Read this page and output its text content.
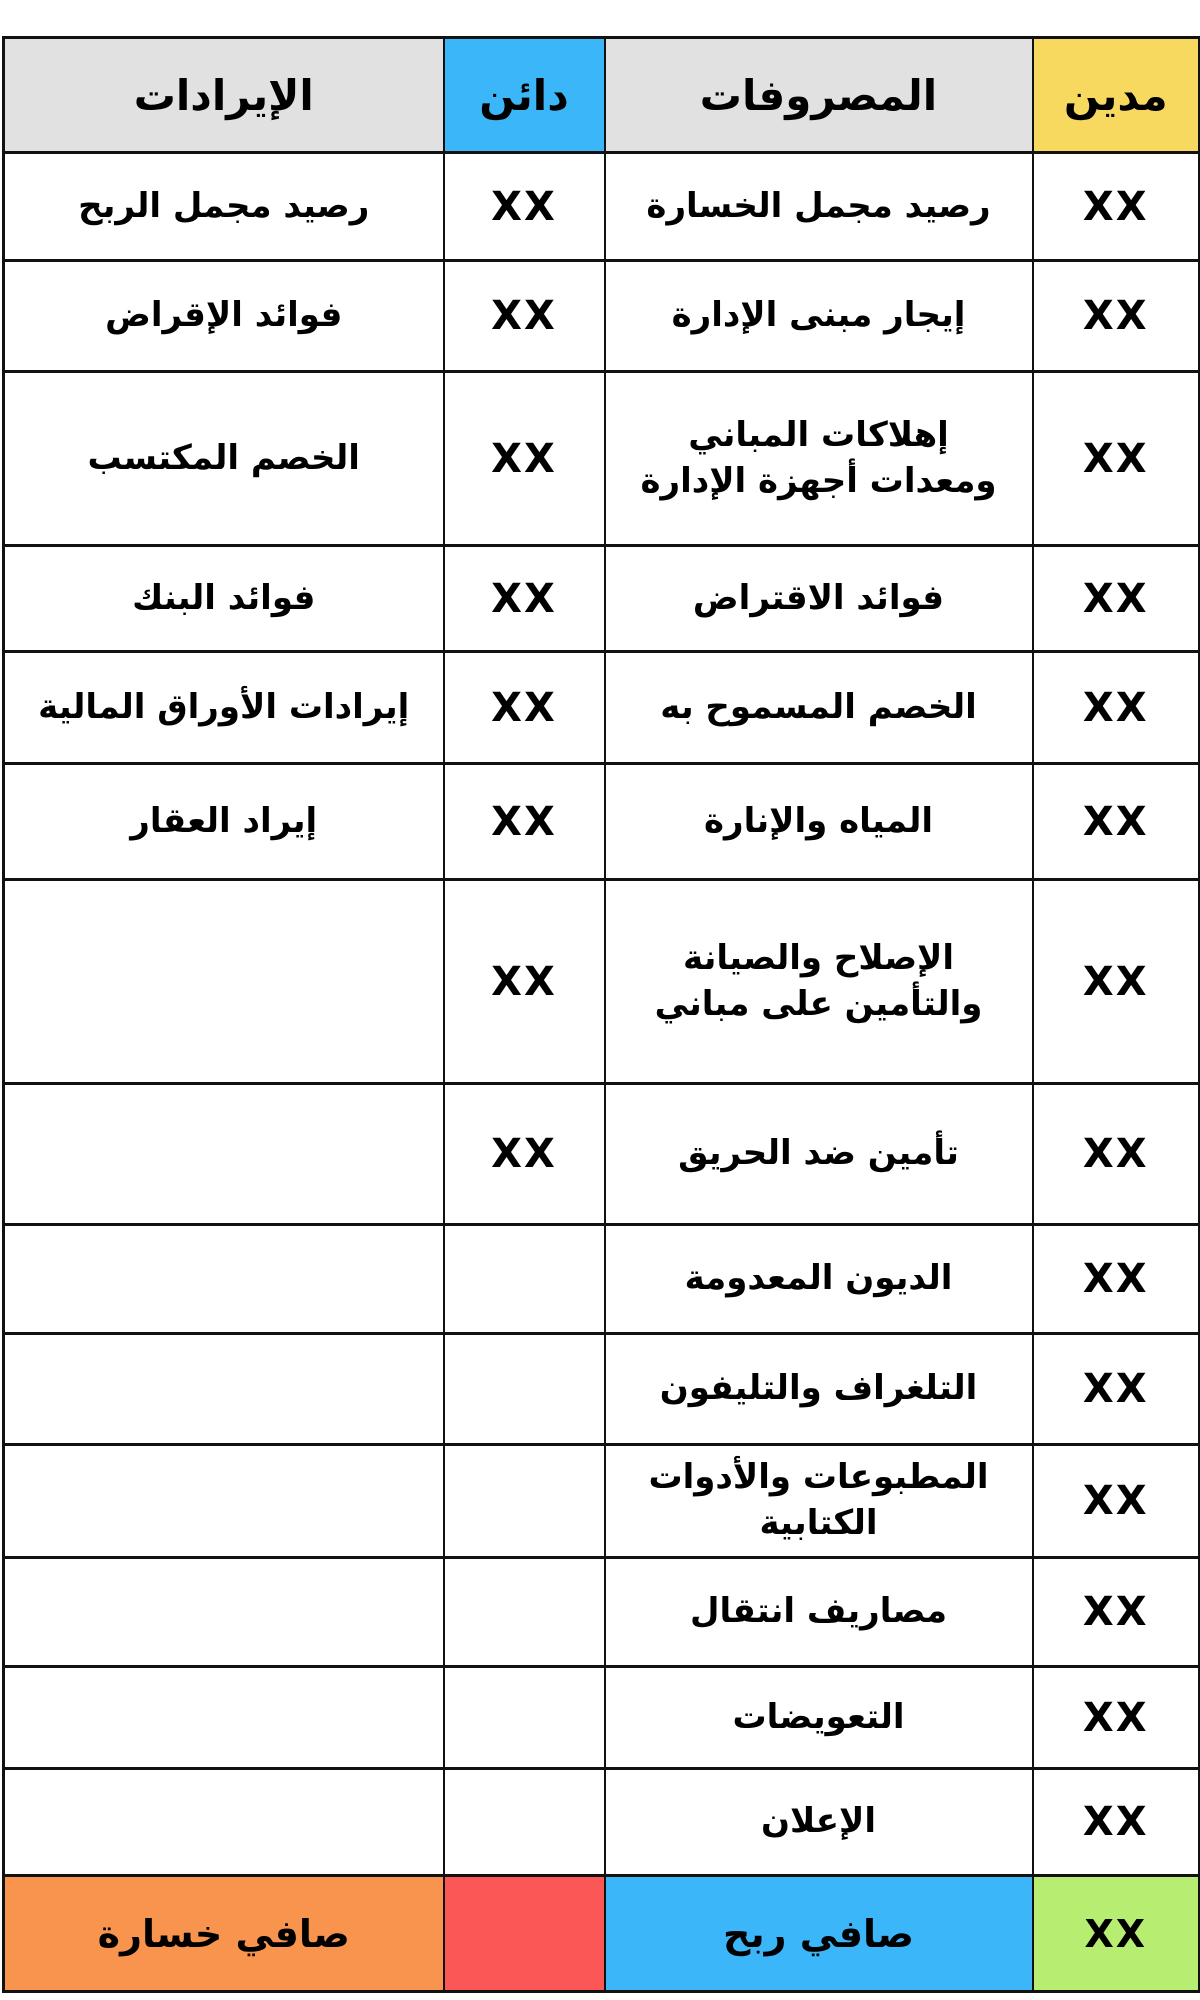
مدين	المصروفات	دائن	الإيرادات
XX	رصيد مجمل الخسارة	XX	رصيد مجمل الربح
XX	إيجار مبنى الإدارة	XX	فوائد الإقراض
XX	إهلاكات المباني ومعدات أجهزة الإدارة	XX	الخصم المكتسب
XX	فوائد الاقتراض	XX	فوائد البنك
XX	الخصم المسموح به	XX	إيرادات الأوراق المالية
XX	المياه والإنارة	XX	إيراد العقار
XX	الإصلاح والصيانة والتأمين على مباني	XX	
XX	تأمين ضد الحريق	XX	
XX	الديون المعدومة		
XX	التلغراف والتليفون		
XX	المطبوعات والأدوات الكتابية		
XX	مصاريف انتقال		
XX	التعويضات		
XX	الإعلان		
XX	صافي ربح		صافي خسارة
